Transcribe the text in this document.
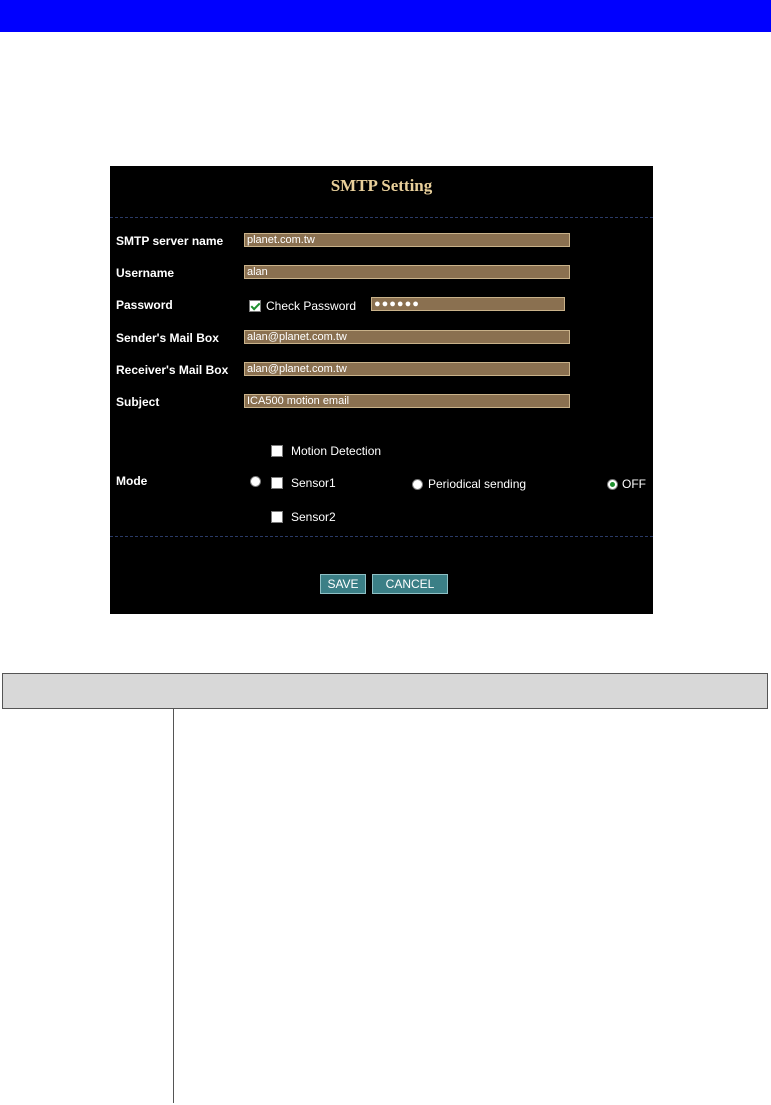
SMTP Setting
SMTP server name
planet.com.tw
Username
alan
Password	Check Password ●●●●●●
Sender's Mail Box
alan@planet.com.tw
Receiver's Mail Box
alan@planet.com.tw
Subject
ICA500 motion email
Mode
Motion Detection
Sensor1	Periodical sending	OFF
Sensor2
SAVE	CANCEL
